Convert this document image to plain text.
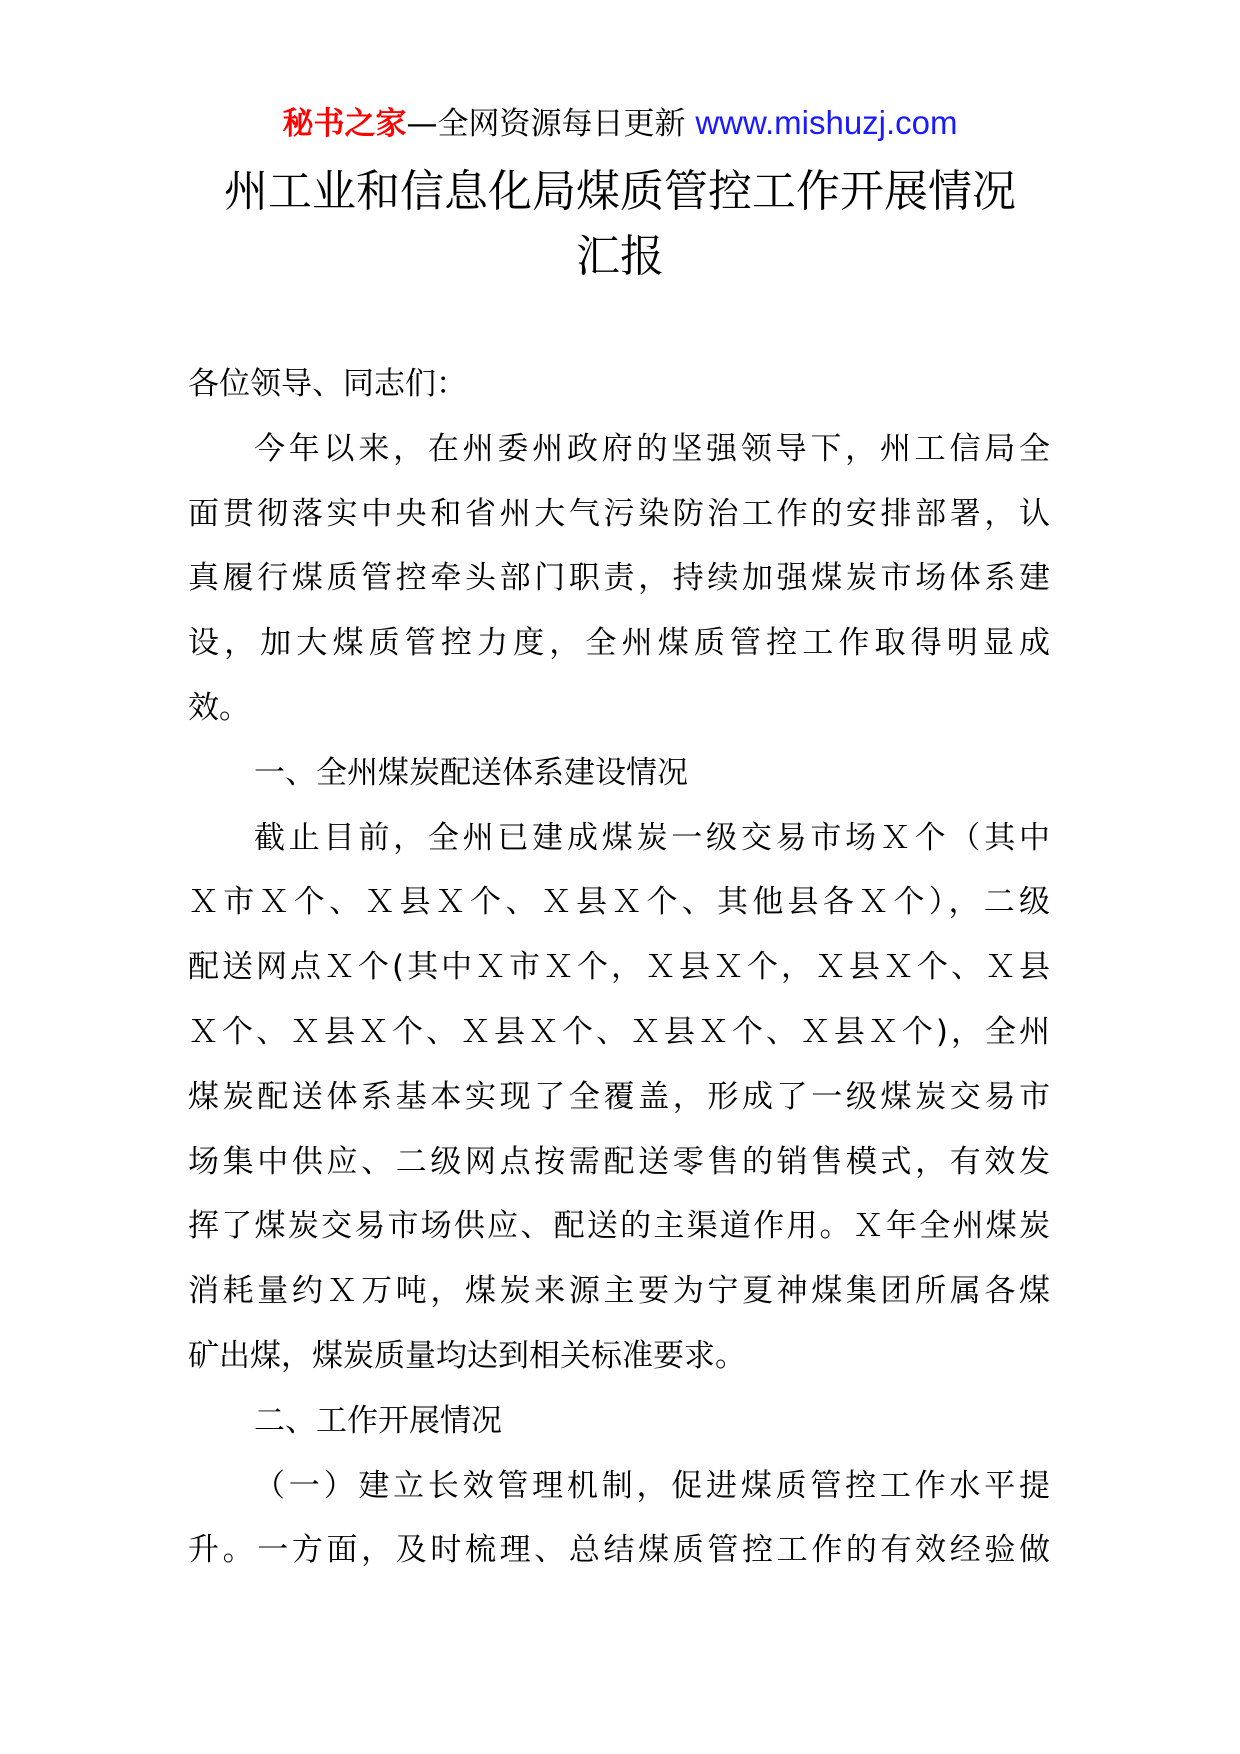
秘书之家—全网资源每日更新 www.mishuzj.com
州工业和信息化局煤质管控工作开展情况
汇报
各位领导、同志们：
今年以来，在州委州政府的坚强领导下，州工信局全
面贯彻落实中央和省州大气污染防治工作的安排部署，认
真履行煤质管控牵头部门职责，持续加强煤炭市场体系建
设，加大煤质管控力度，全州煤质管控工作取得明显成
效。
一、全州煤炭配送体系建设情况
截止目前，全州已建成煤炭一级交易市场Ｘ个（其中
Ｘ市Ｘ个、Ｘ县Ｘ个、Ｘ县Ｘ个、其他县各Ｘ个），二级
配送网点Ｘ个(其中Ｘ市Ｘ个，Ｘ县Ｘ个，Ｘ县Ｘ个、Ｘ县
Ｘ个、Ｘ县Ｘ个、Ｘ县Ｘ个、Ｘ县Ｘ个、Ｘ县Ｘ个)，全州
煤炭配送体系基本实现了全覆盖，形成了一级煤炭交易市
场集中供应、二级网点按需配送零售的销售模式，有效发
挥了煤炭交易市场供应、配送的主渠道作用。Ｘ年全州煤炭
消耗量约Ｘ万吨，煤炭来源主要为宁夏神煤集团所属各煤
矿出煤，煤炭质量均达到相关标准要求。
二、工作开展情况
（一）建立长效管理机制，促进煤质管控工作水平提
升。一方面，及时梳理、总结煤质管控工作的有效经验做
